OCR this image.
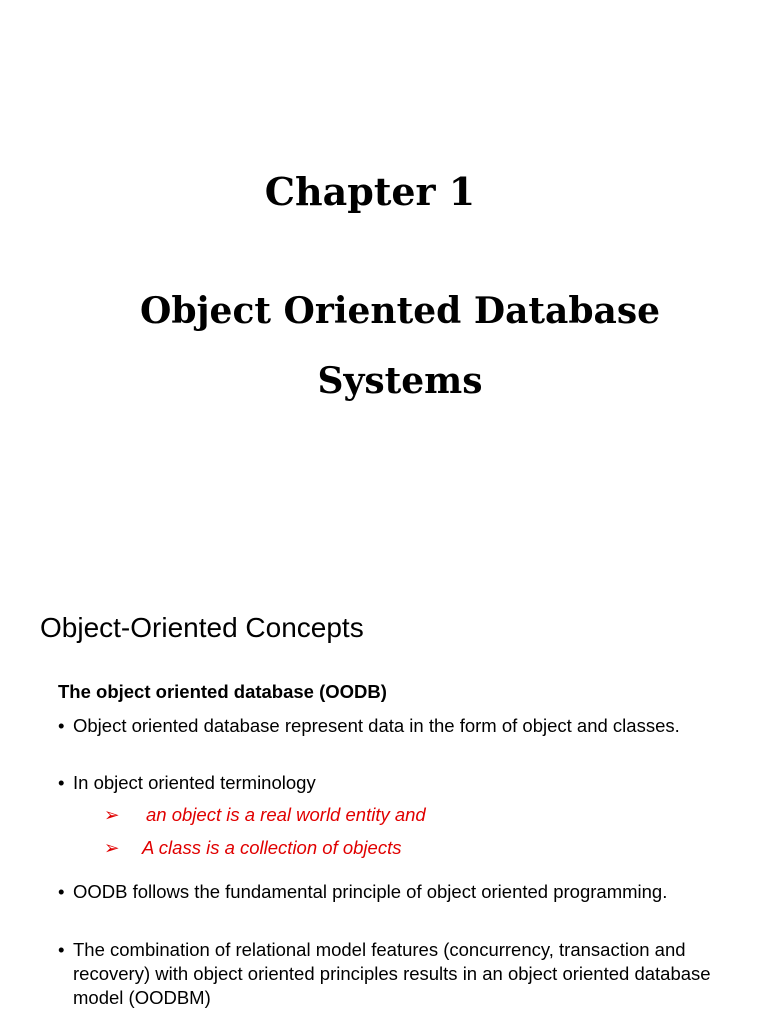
Chapter 1
Object Oriented Database
Systems
Object-Oriented Concepts

The object oriented database (OODB)

• Object oriented database represent data in the form of object and classes.
• In object oriented terminology
➢	an object is a real world entity and
➢	A class is a collection of objects
• OODB follows the fundamental principle of object oriented programming.
• The combination of relational model features (concurrency, transaction and recovery) with object oriented principles results in an object oriented database model (OODBM)
